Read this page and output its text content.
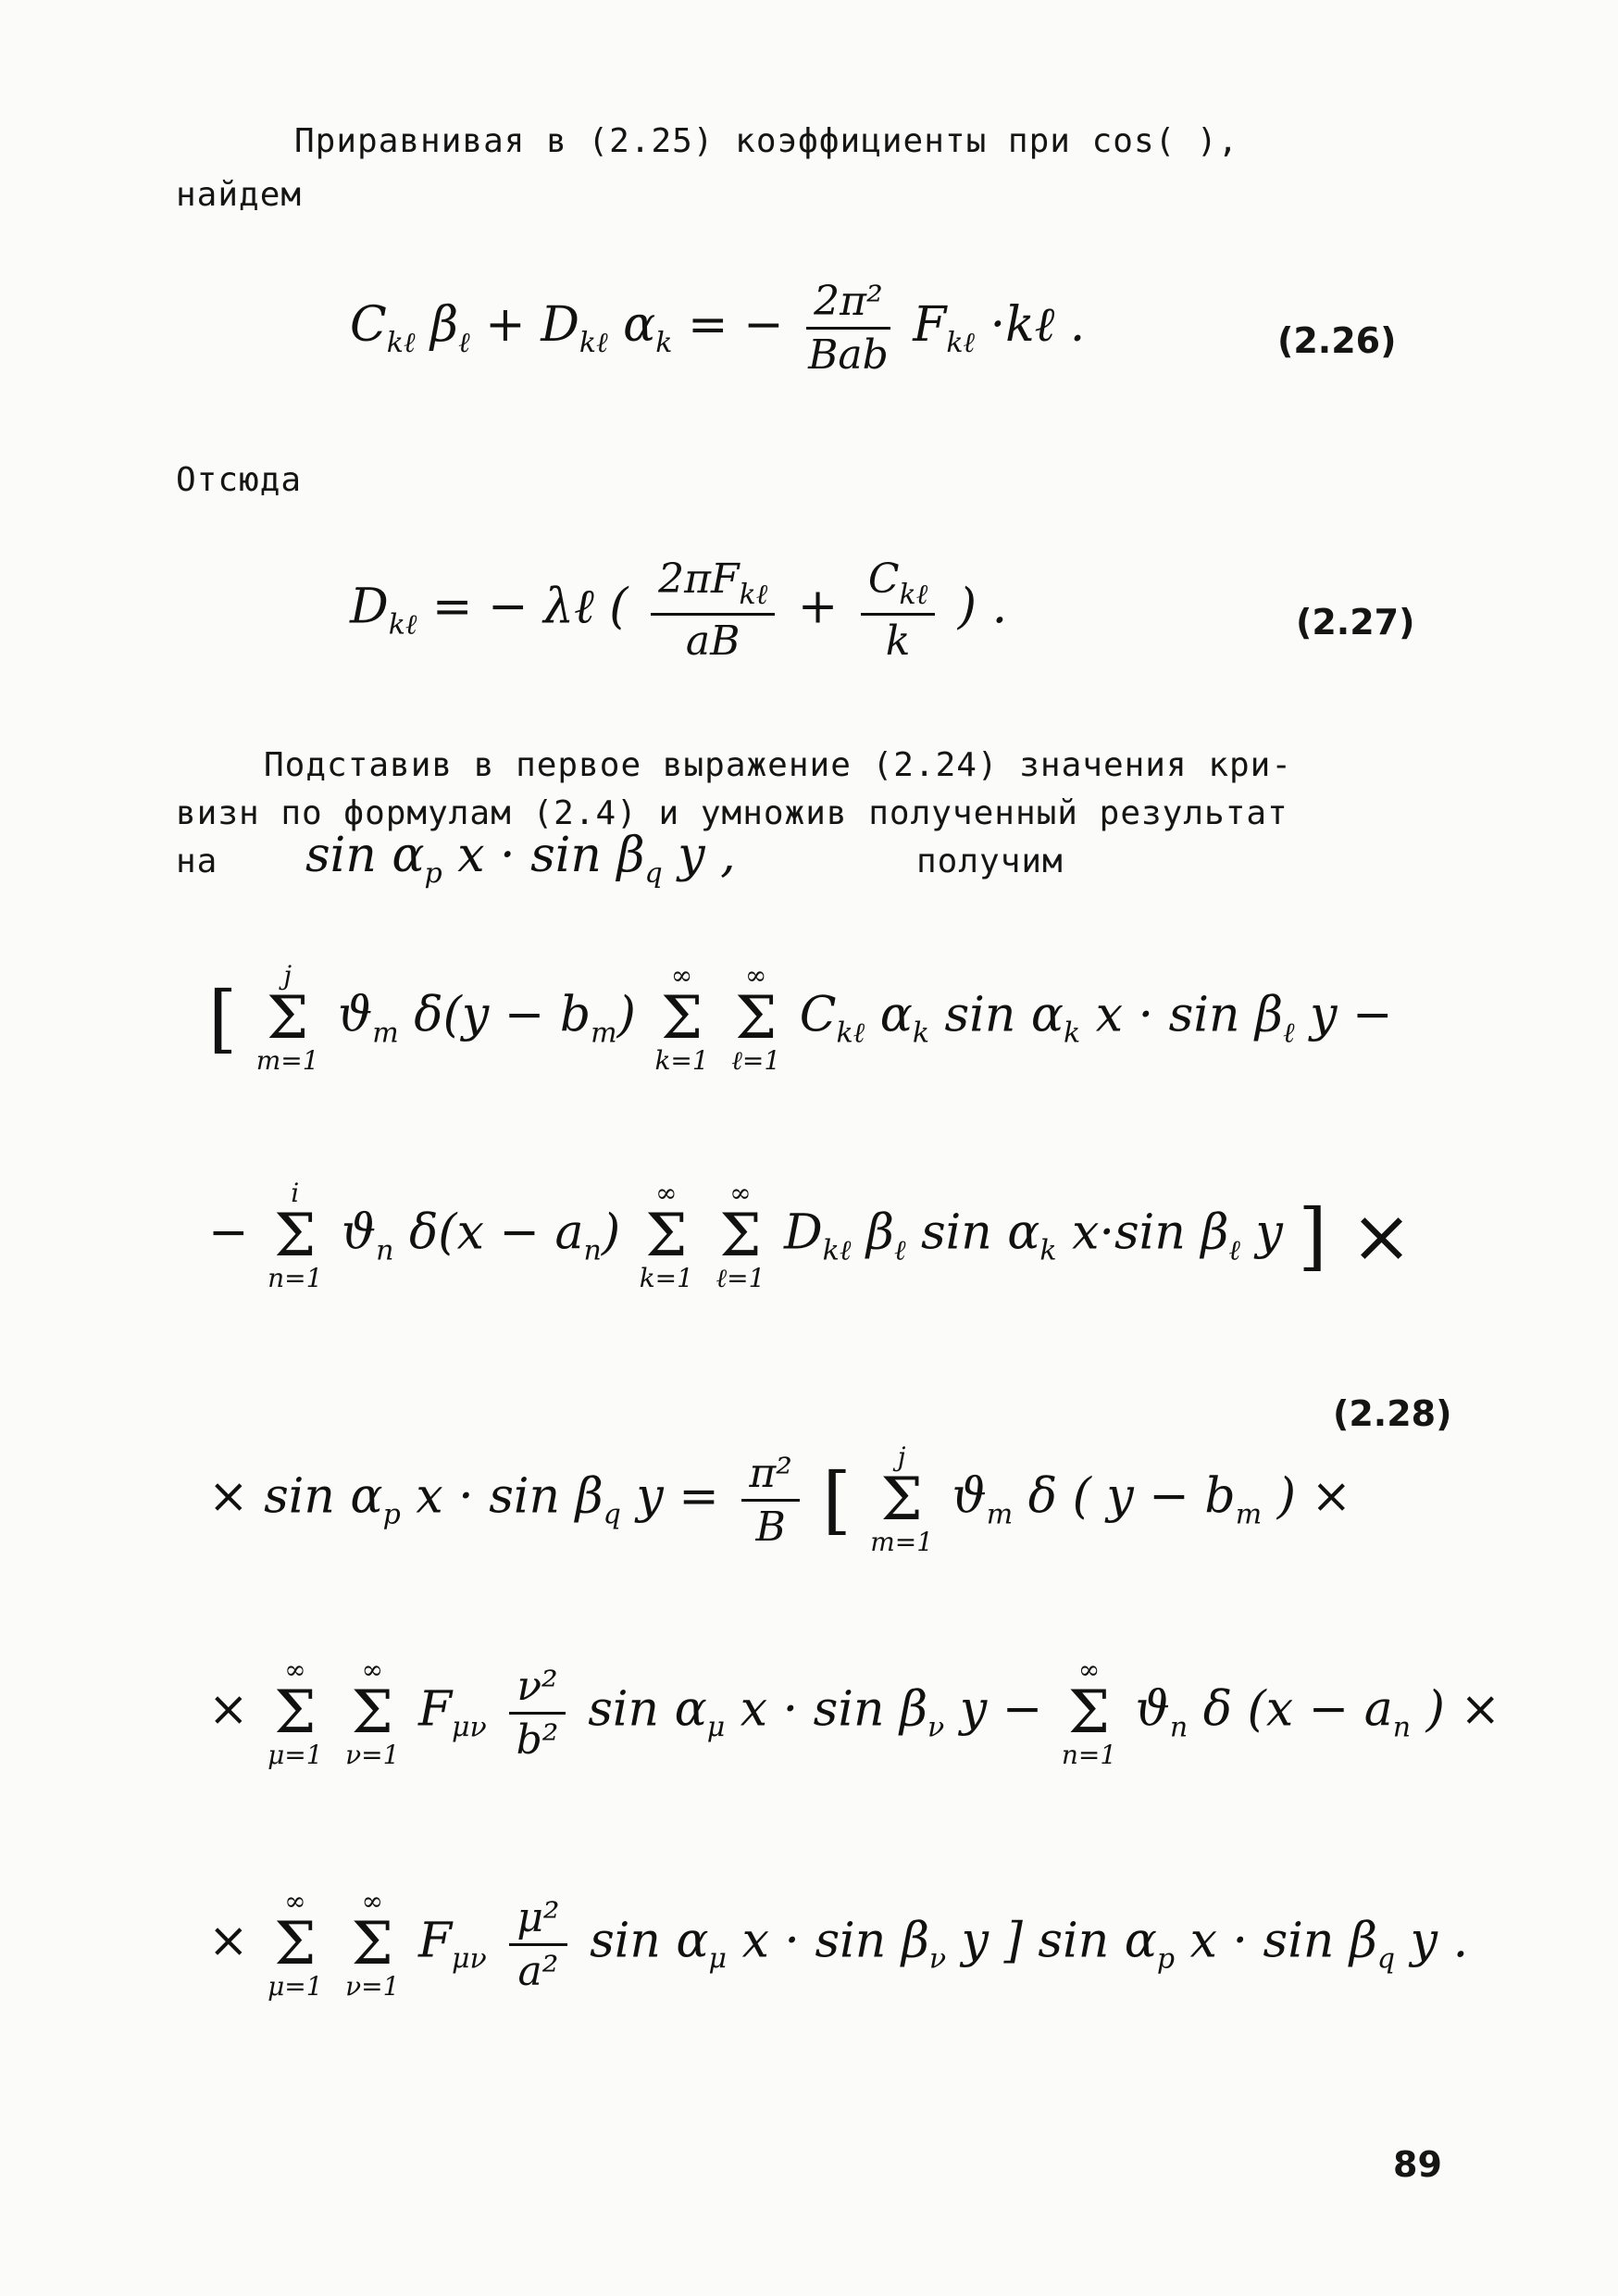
Приравнивая в (2.25) коэффициенты при cos( ),
найдем
$C_{k\ell}$ $\beta_\ell + D_{k\ell}$ $\alpha_k$ = − $\frac{\text{2π²}}{\text{Bab}} F_{k\ell}$ ·kℓ .	(2.26)
Отсюда
$D_{k\ell}$ = − λℓ ( $\frac{2\pi F_{k\ell}}{aB} + \frac{C_{k\ell}}{k}$ ) .	(2.27)
Подставив в первое выражение (2.24) значения кри-
визн по формулам (2.4) и умножив полученный результат
на $\sin \alpha_p$ $x \cdot \sin \beta_q$ y ,	получим
[ j
Σ
m=1
$ϑ_m$ $\delta(y - b_m)$
∞
Σ
k=1

∞
Σ
ℓ=1
$C_{k\ell}$ $\alpha_k$ $\sin \alpha_k$ $x \cdot \sin \beta_\ell$ y −
−
i
Σ
n=1
$ϑ_n$ $\delta(x - a_n)$
∞
Σ
k=1

∞
Σ
ℓ=1
$D_{k\ell}$ $\beta_\ell$ $\sin \alpha_k$ x·sin $\beta_\ell$ y ] ×
(2.28)
× $\sin \alpha_p$ $x \cdot \sin \beta_q$ $y = \frac{\text{π²}}{B}$ [ j
Σ
m=1
$ϑ_m$ δ ( $y - b_m$ ) ×
×
∞
Σ
μ=1

∞
Σ
ν=1
$F_{\mu\nu} \frac{\text{ν²}}{\text{b²}}$ $\sin \alpha_\mu$ $x \cdot \sin \beta_\nu$ y −
∞
Σ
n=1
$ϑ_n$ δ ($x - a_n$ ) ×
×
∞
Σ
μ=1

∞
Σ
ν=1
$F_{\mu\nu} \frac{\text{μ²}}{\text{a²}}$ $\sin \alpha_\mu$ $x \cdot \sin \beta_\nu$ y ] $\sin \alpha_p$ $x \cdot \sin \beta_q$ y .
89
